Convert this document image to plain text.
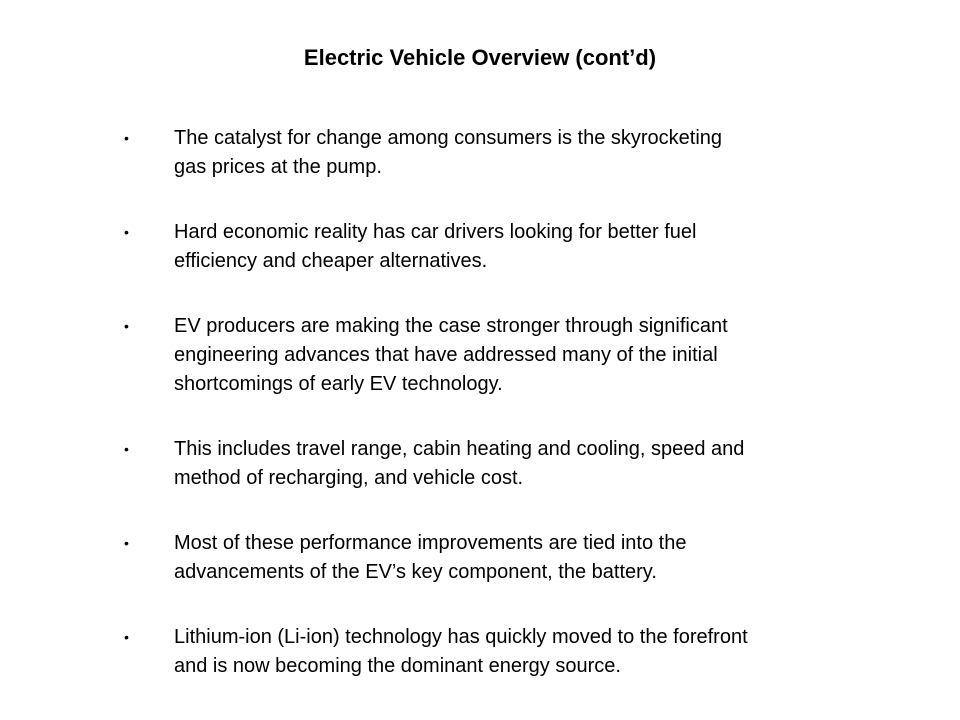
Electric Vehicle Overview (cont’d)
• The catalyst for change among consumers is the skyrocketing
gas prices at the pump.
• Hard economic reality has car drivers looking for better fuel
efficiency and cheaper alternatives.
• EV producers are making the case stronger through significant
engineering advances that have addressed many of the initial
shortcomings of early EV technology.
• This includes travel range, cabin heating and cooling, speed and
method of recharging, and vehicle cost.
• Most of these performance improvements are tied into the
advancements of the EV’s key component, the battery.
• Lithium-ion (Li-ion) technology has quickly moved to the forefront
and is now becoming the dominant energy source.
